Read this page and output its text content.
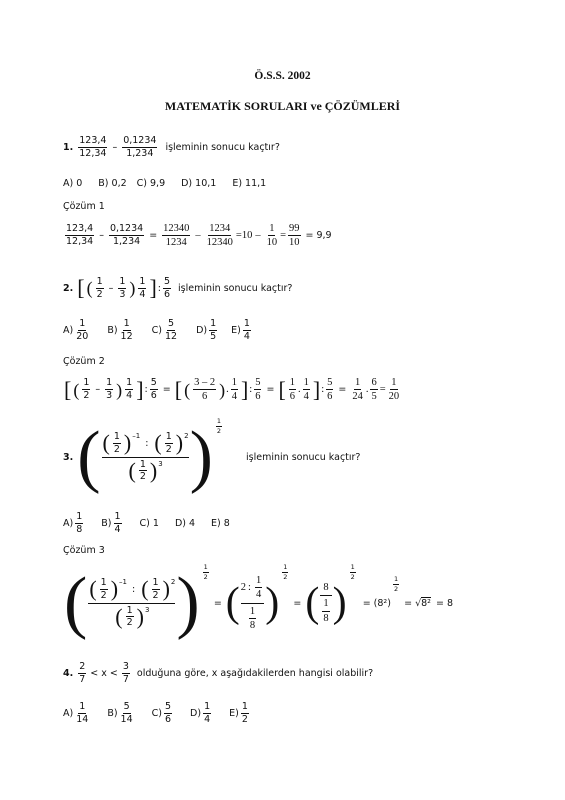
Ö.S.S. 2002
MATEMATİK SORULARI ve ÇÖZÜMLERİ
1.
123,4
12,34
–
0,1234
1,234
işleminin sonucu kaçtır?
A) 0 B) 0,2 C) 9,9 D) 10,1 E) 11,1
Çözüm 1
123,4
12,34
– $\frac{0,1234}{1,234} = \frac{12340}{1234} - \frac{1234}{12340} = 10 - \frac{1}{10} = \frac{99}{10} = 9,9$
2. [ ( 1
2
–
1
3 ) 1
4 ] :
5
6
işleminin sonucu kaçtır?
A)
1
20
B)
1
12
C)
5
12
D)
1
5
E)
1
4
Çözüm 2
[ ( 1
2
–
1
3 ) 1
4 ] : $\frac{5}{6}$ = [ ( 3 – 2
6 ) .
1
4 ] : $\frac{5}{6}$ = [ 1
6
.
1
4 ] : $\frac{5}{6} = \frac{1}{24}$ . $\frac{6}{5} = \frac{1}{20}$
3. ( ( 1
2 ) –1
: ( 1
2 ) 2
( 1
2 ) 3 ) 1
2
işleminin sonucu kaçtır?
A)
1
8
B)
1
4
C) 1 D) 4 E) 8
Çözüm 3
( ( 1
2 ) –1
: ( 1
2 ) 2
( 1
2 ) 3 ) $\frac{1}{2}$
= ( 2 :
1
4
1
8 )
$\frac{1}{2}$
= ( 8
1
8 )
$\frac{1}{2}$
= (8²)
$\frac{1}{2}$
= √ 8² = 8
4.
2
7
< x <
3
7
olduğuna göre, x aşağıdakilerden hangisi olabilir?
A)
1
14
B)
5
14
C)
5
6
D)
1
4
E)
1
2
